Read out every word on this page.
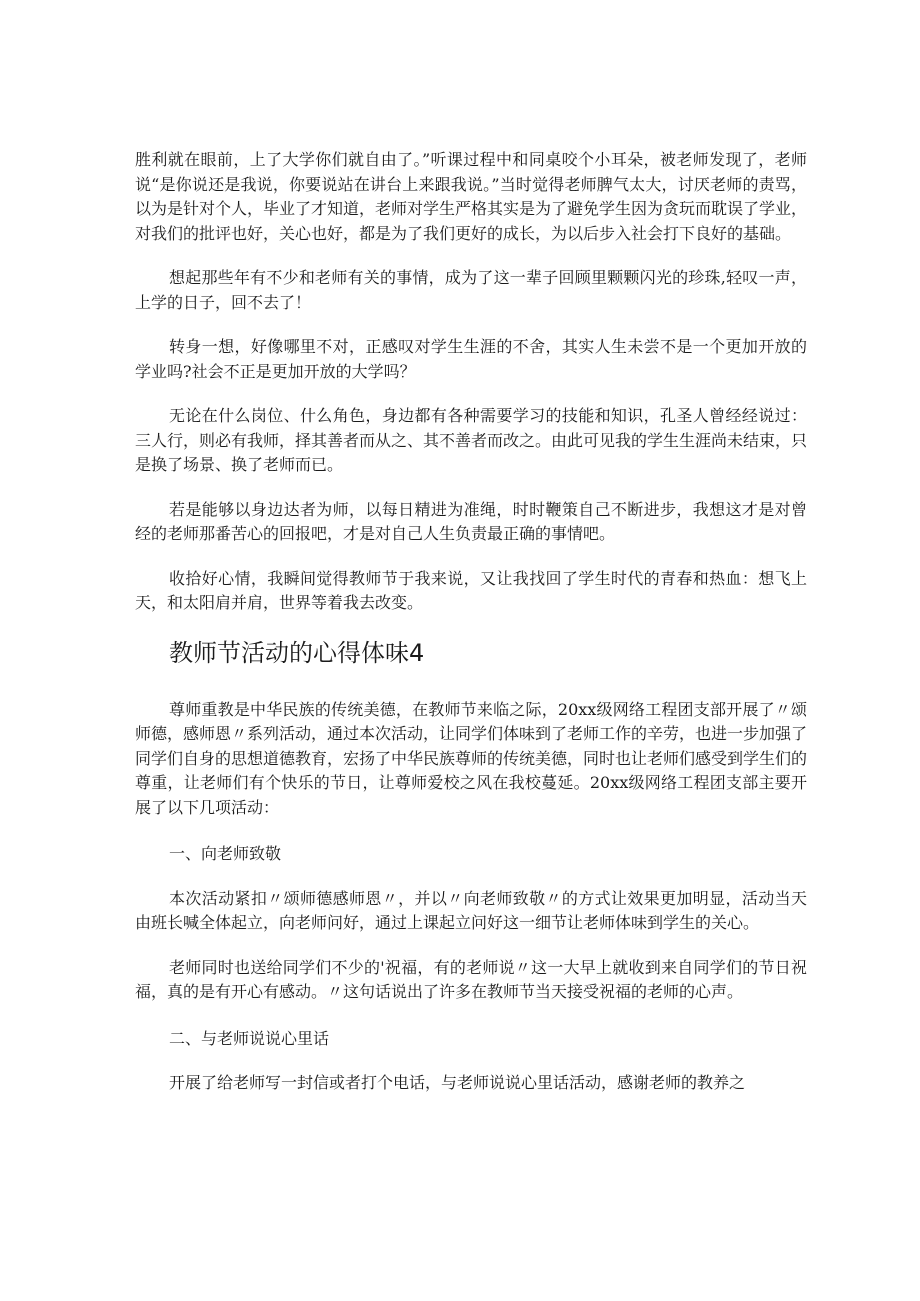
胜利就在眼前，上了大学你们就自由了。”听课过程中和同桌咬个小耳朵，被老师发现了，老师说“是你说还是我说，你要说站在讲台上来跟我说。”当时觉得老师脾气太大，讨厌老师的责骂，以为是针对个人，毕业了才知道，老师对学生严格其实是为了避免学生因为贪玩而耽误了学业，对我们的批评也好，关心也好，都是为了我们更好的成长，为以后步入社会打下良好的基础。

想起那些年有不少和老师有关的事情，成为了这一辈子回顾里颗颗闪光的珍珠,轻叹一声，上学的日子，回不去了！

转身一想，好像哪里不对，正感叹对学生生涯的不舍，其实人生未尝不是一个更加开放的学业吗?社会不正是更加开放的大学吗？

无论在什么岗位、什么角色，身边都有各种需要学习的技能和知识，孔圣人曾经经说过：三人行，则必有我师，择其善者而从之、其不善者而改之。由此可见我的学生生涯尚未结束，只是换了场景、换了老师而已。

若是能够以身边达者为师，以每日精进为准绳，时时鞭策自己不断进步，我想这才是对曾经的老师那番苦心的回报吧，才是对自己人生负责最正确的事情吧。

收拾好心情，我瞬间觉得教师节于我来说，又让我找回了学生时代的青春和热血：想飞上天，和太阳肩并肩，世界等着我去改变。

教师节活动的心得体味4

尊师重教是中华民族的传统美德，在教师节来临之际，20xx级网络工程团支部开展了〃颂师德，感师恩〃系列活动，通过本次活动，让同学们体味到了老师工作的辛劳，也进一步加强了同学们自身的思想道德教育，宏扬了中华民族尊师的传统美德，同时也让老师们感受到学生们的尊重，让老师们有个快乐的节日，让尊师爱校之风在我校蔓延。20xx级网络工程团支部主要开展了以下几项活动：

一、向老师致敬

本次活动紧扣〃颂师德感师恩〃，并以〃向老师致敬〃的方式让效果更加明显，活动当天由班长喊全体起立，向老师问好，通过上课起立问好这一细节让老师体味到学生的关心。

老师同时也送给同学们不少的'祝福，有的老师说〃这一大早上就收到来自同学们的节日祝福，真的是有开心有感动。〃这句话说出了许多在教师节当天接受祝福的老师的心声。

二、与老师说说心里话

开展了给老师写一封信或者打个电话，与老师说说心里话活动，感谢老师的教养之
